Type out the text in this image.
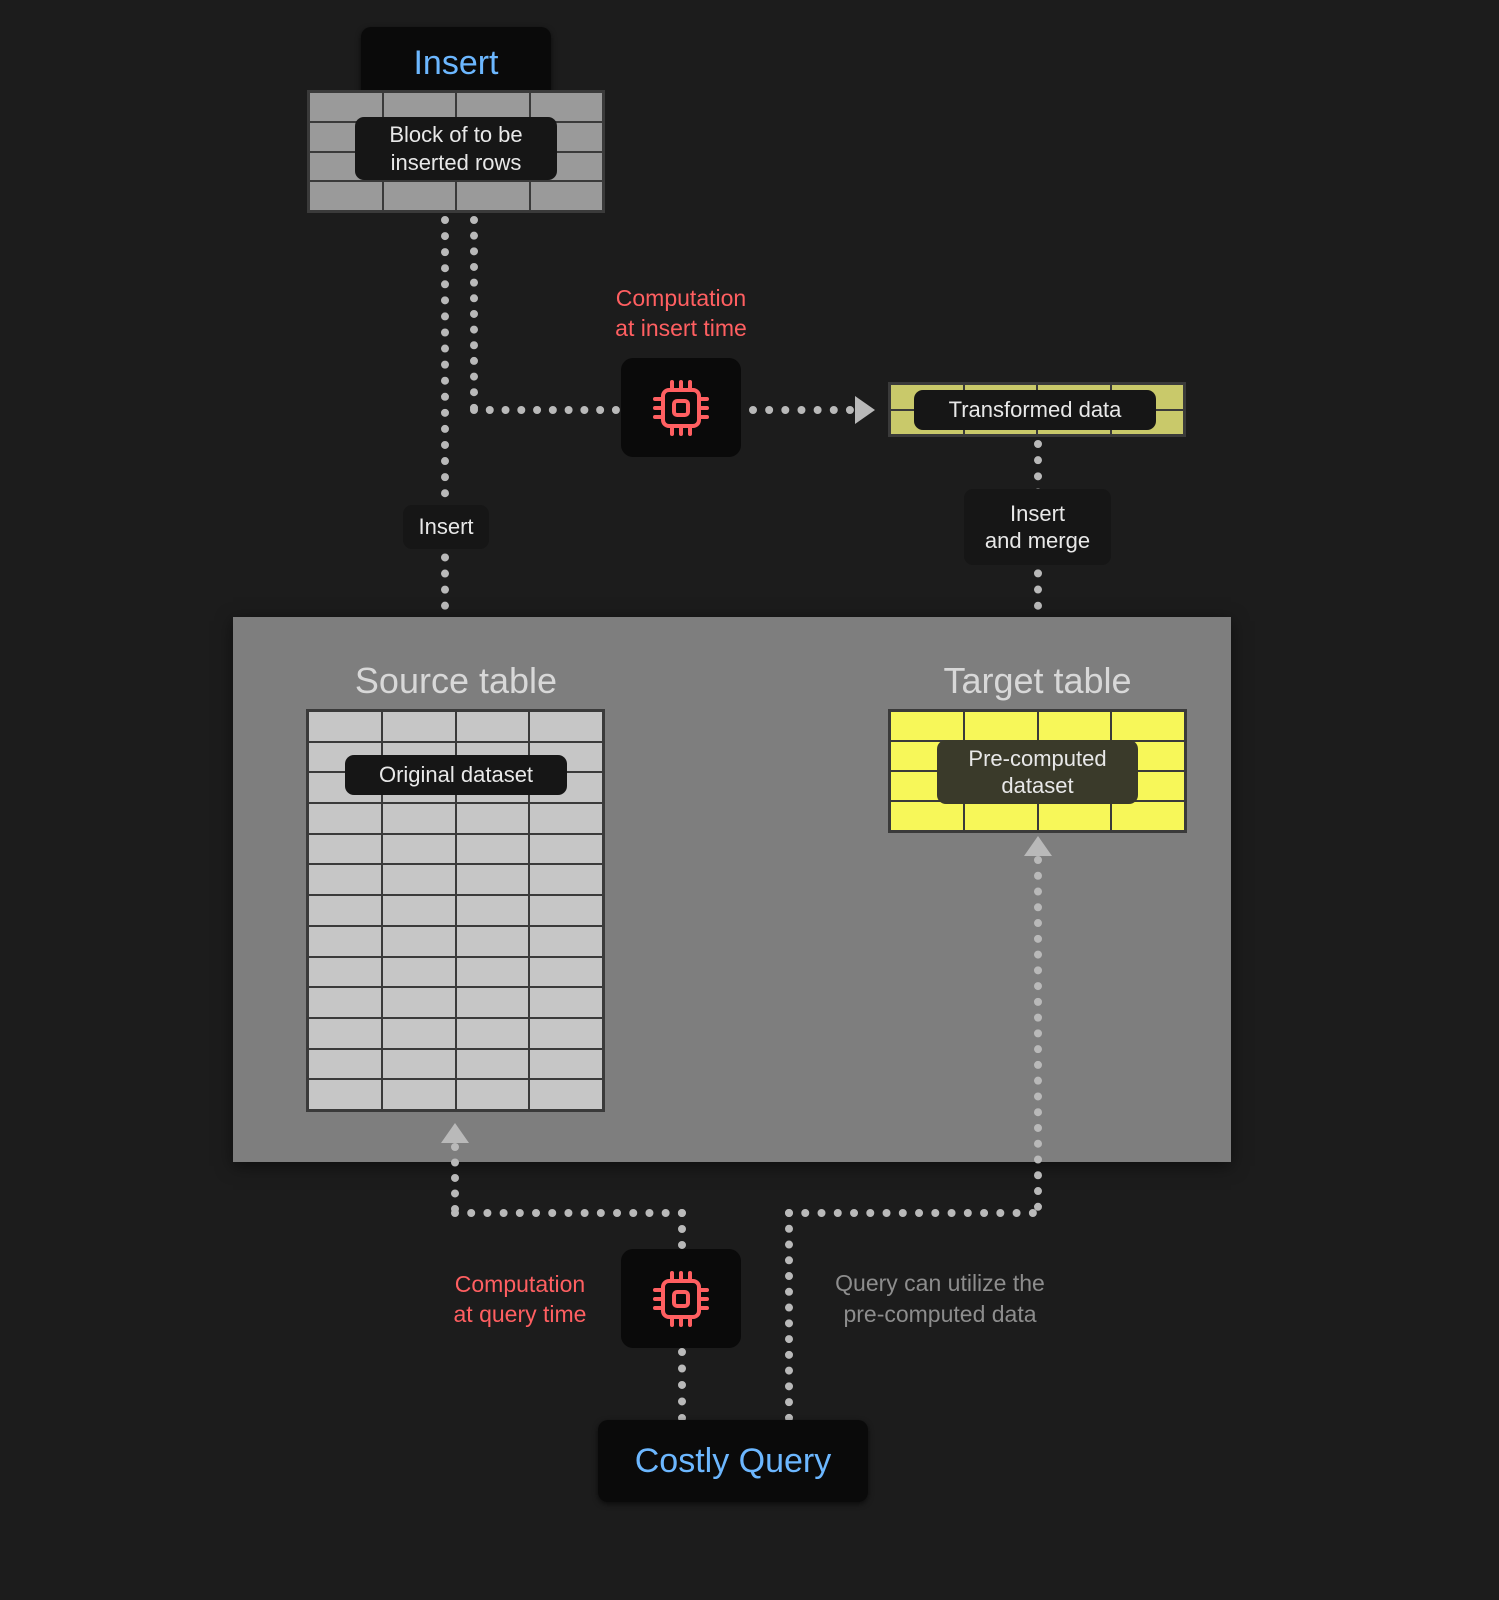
Insert
Block of to be
inserted rows
Insert
Computation
at insert time
Transformed data
Insert
and merge
Source table
Original dataset
Target table
Pre-computed
dataset
Computation
at query time
Query can utilize the
pre-computed data
Costly Query
